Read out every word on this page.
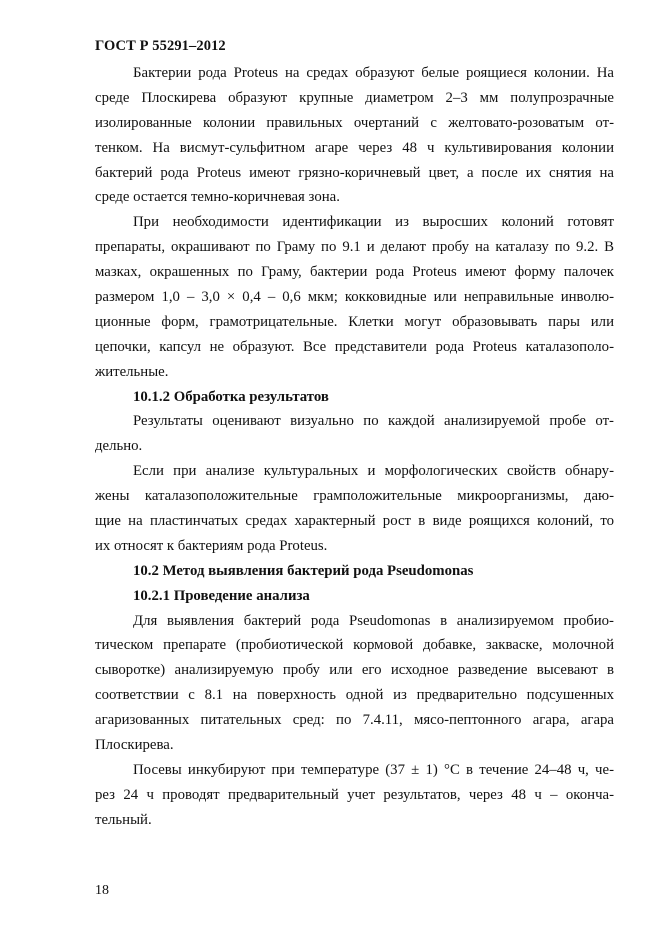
ГОСТ Р 55291–2012
Бактерии рода Proteus на средах образуют белые роящиеся колонии. На
среде Плоскирева образуют крупные диаметром 2–3 мм полупрозрачные
изолированные колонии правильных очертаний с желтовато-розоватым от-
тенком. На висмут-сульфитном агаре через 48 ч культивирования колонии
бактерий рода Proteus имеют грязно-коричневый цвет, а после их снятия на
среде остается темно-коричневая зона.
При необходимости идентификации из выросших колоний готовят
препараты, окрашивают по Граму по 9.1 и делают пробу на каталазу по 9.2. В
мазках, окрашенных по Граму, бактерии рода Proteus имеют форму палочек
размером 1,0 – 3,0 × 0,4 – 0,6 мкм; кокковидные или неправильные инволю-
ционные форм, грамотрицательные. Клетки могут образовывать пары или
цепочки, капсул не образуют. Все представители рода Proteus каталазополо-
жительные.
10.1.2 Обработка результатов
Результаты оценивают визуально по каждой анализируемой пробе от-
дельно.
Если при анализе культуральных и морфологических свойств обнару-
жены каталазоположительные грамположительные микроорганизмы, даю-
щие на пластинчатых средах характерный рост в виде роящихся колоний, то
их относят к бактериям рода Proteus.
10.2 Метод выявления бактерий рода Pseudomonas
10.2.1 Проведение анализа
Для выявления бактерий рода Pseudomonas в анализируемом пробио-
тическом препарате (пробиотической кормовой добавке, закваске, молочной
сыворотке) анализируемую пробу или его исходное разведение высевают в
соответствии с 8.1 на поверхность одной из предварительно подсушенных
агаризованных питательных сред: по 7.4.11, мясо-пептонного агара, агара
Плоскирева.
Посевы инкубируют при температуре (37 ± 1) °С в течение 24–48 ч, че-
рез 24 ч проводят предварительный учет результатов, через 48 ч – оконча-
тельный.
18
